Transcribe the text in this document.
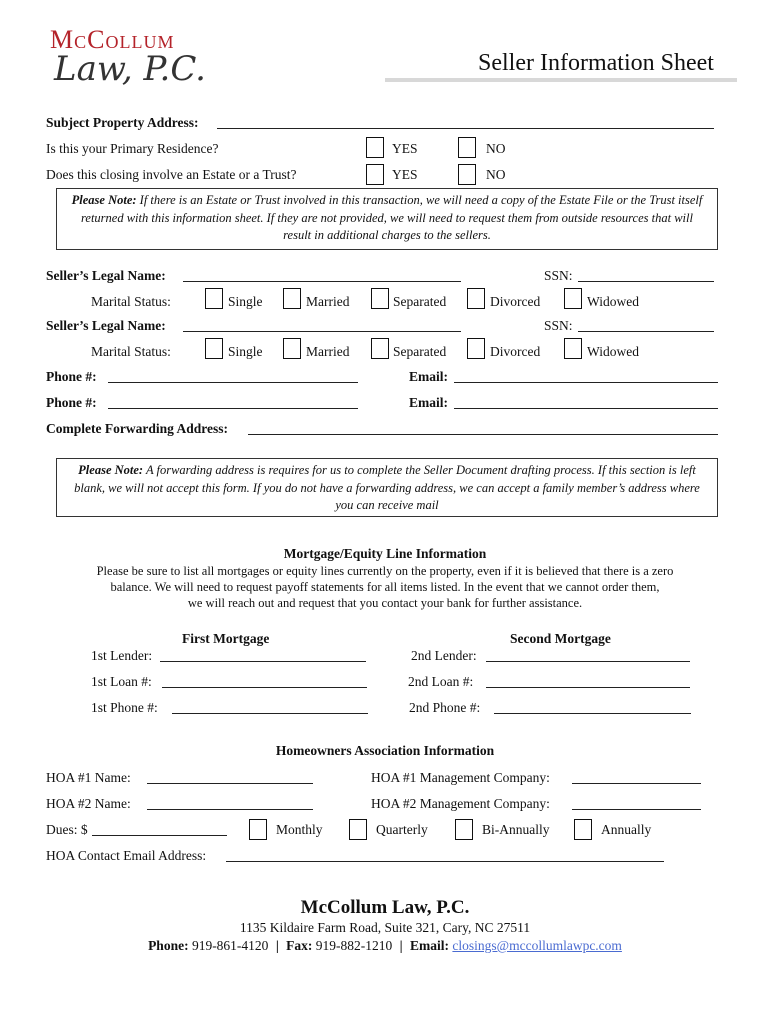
McCollum
Law, P.C.	Seller Information Sheet
Subject Property Address:
Is this your Primary Residence?	YES	NO
Does this closing involve an Estate or a Trust?	YES	NO
Please Note: If there is an Estate or Trust involved in this transaction, we will need a copy of the Estate File or the Trust itself returned with this information sheet. If they are not provided, we will need to request them from outside resources that will result in additional charges to the sellers.
Seller’s Legal Name:	SSN:
Marital Status:	Single	Married	Separated	Divorced	Widowed
Seller’s Legal Name:	SSN:
Marital Status:	Single	Married	Separated	Divorced	Widowed
Phone #:	Email:
Phone #:	Email:
Complete Forwarding Address:
Please Note: A forwarding address is requires for us to complete the Seller Document drafting process. If this section is left blank, we will not accept this form. If you do not have a forwarding address, we can accept a family member’s address where you can receive mail
Mortgage/Equity Line Information
Please be sure to list all mortgages or equity lines currently on the property, even if it is believed that there is a zero
balance. We will need to request payoff statements for all items listed. In the event that we cannot order them,
we will reach out and request that you contact your bank for further assistance.
First Mortgage	Second Mortgage
1st Lender:	2nd Lender:
1st Loan #:	2nd Loan #:
1st Phone #:	2nd Phone #:
Homeowners Association Information
HOA #1 Name:	HOA #1 Management Company:
HOA #2 Name:	HOA #2 Management Company:
Dues: $	Monthly	Quarterly	Bi-Annually	Annually
HOA Contact Email Address:
McCollum Law, P.C.
1135 Kildaire Farm Road, Suite 321, Cary, NC 27511
Phone: 919-861-4120 | Fax: 919-882-1210 | Email: closings@mccollumlawpc.com
